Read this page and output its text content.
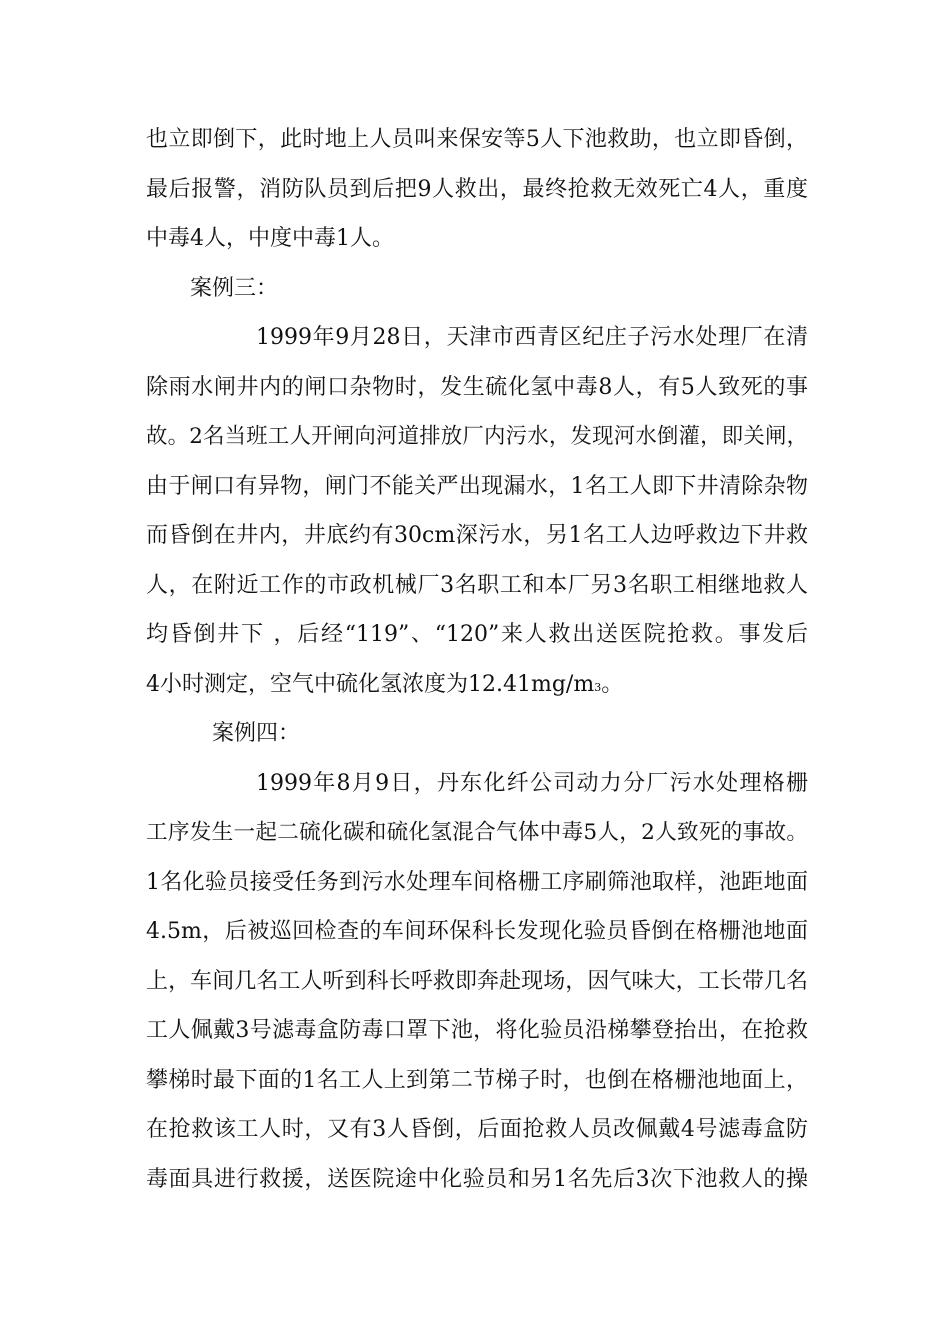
也立即倒下，此时地上人员叫来保安等5人下池救助，也立即昏倒，
最后报警，消防队员到后把9人救出，最终抢救无效死亡4人，重度
中毒4人，中度中毒1人。
案例三：
1999年9月28日，天津市西青区纪庄子污水处理厂在清
除雨水闸井内的闸口杂物时，发生硫化氢中毒8人，有5人致死的事
故。2名当班工人开闸向河道排放厂内污水，发现河水倒灌，即关闸，
由于闸口有异物，闸门不能关严出现漏水，1名工人即下井清除杂物
而昏倒在井内，井底约有30cm深污水，另1名工人边呼救边下井救
人，在附近工作的市政机械厂3名职工和本厂另3名职工相继地救人
均昏倒井下 ，后经“119”、“120”来人救出送医院抢救。事发后
4小时测定，空气中硫化氢浓度为12.41mg/m3。
案例四：
1999年8月9日，丹东化纤公司动力分厂污水处理格栅
工序发生一起二硫化碳和硫化氢混合气体中毒5人，2人致死的事故。
1名化验员接受任务到污水处理车间格栅工序刷筛池取样，池距地面
4.5m，后被巡回检查的车间环保科长发现化验员昏倒在格栅池地面
上，车间几名工人听到科长呼救即奔赴现场，因气味大，工长带几名
工人佩戴3号滤毒盒防毒口罩下池，将化验员沿梯攀登抬出，在抢救
攀梯时最下面的1名工人上到第二节梯子时，也倒在格栅池地面上，
在抢救该工人时，又有3人昏倒，后面抢救人员改佩戴4号滤毒盒防
毒面具进行救援，送医院途中化验员和另1名先后3次下池救人的操
